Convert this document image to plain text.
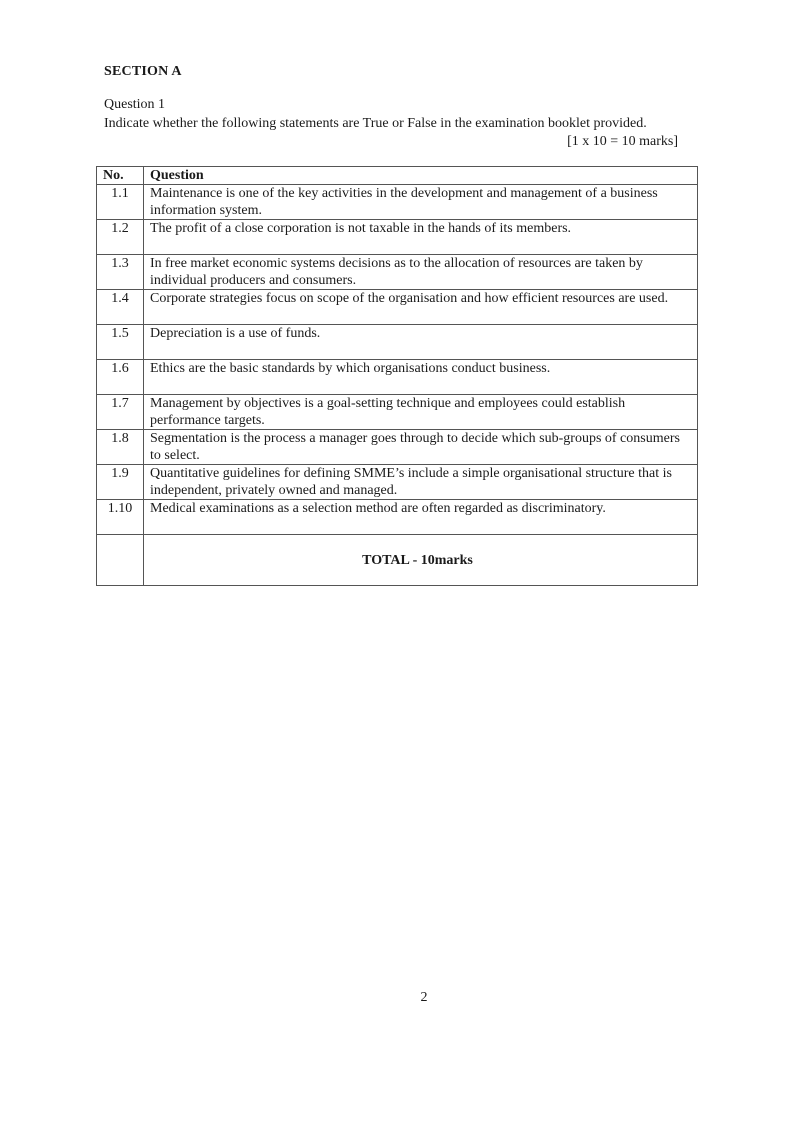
SECTION A
Question 1
Indicate whether the following statements are True or False in the examination booklet provided.
[1 x 10 = 10 marks]
No.	Question
1.1	Maintenance is one of the key activities in the development and management of a business information system.
1.2	The profit of a close corporation is not taxable in the hands of its members.
1.3	In free market economic systems decisions as to the allocation of resources are taken by individual producers and consumers.
1.4	Corporate strategies focus on scope of the organisation and how efficient resources are used.
1.5	Depreciation is a use of funds.
1.6	Ethics are the basic standards by which organisations conduct business.
1.7	Management by objectives is a goal-setting technique and employees could establish performance targets.
1.8	Segmentation is the process a manager goes through to decide which sub-groups of consumers to select.
1.9	Quantitative guidelines for defining SMME’s include a simple organisational structure that is independent, privately owned and managed.
1.10	Medical examinations as a selection method are often regarded as discriminatory.

	TOTAL - 10marks
2
